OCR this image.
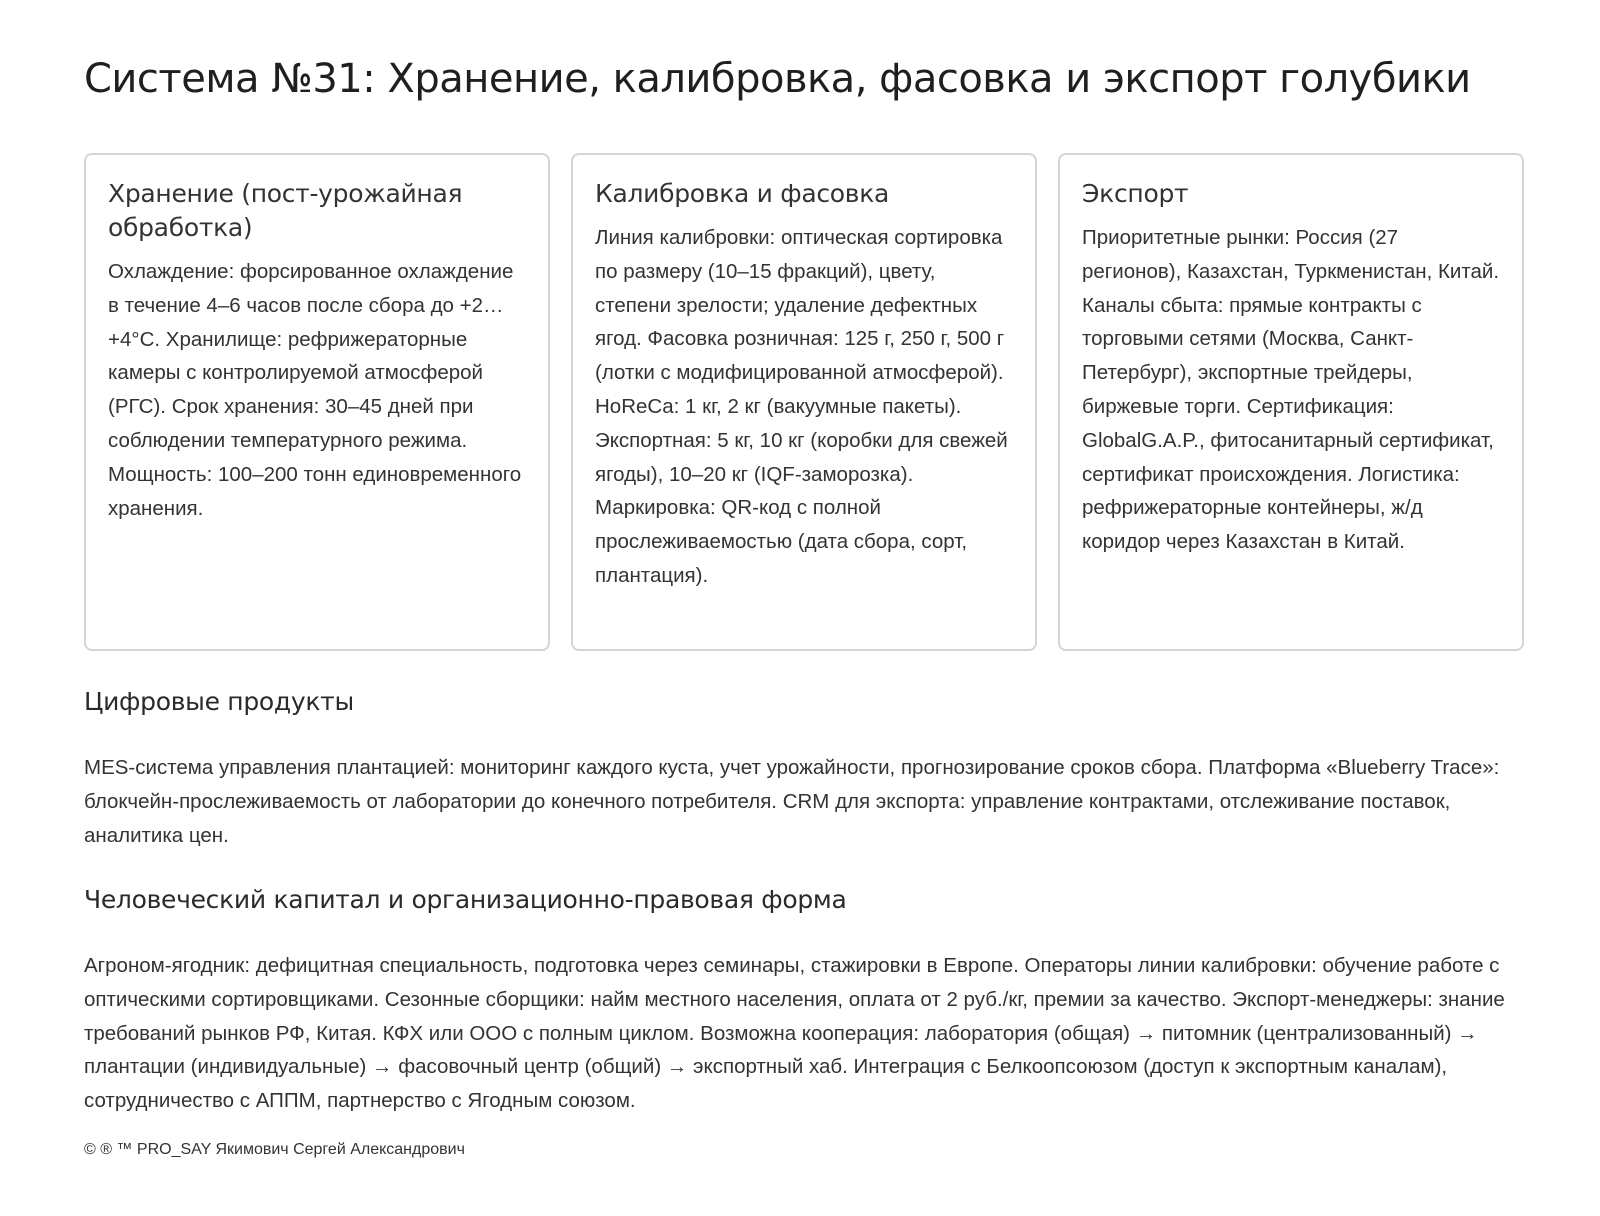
Система №31: Хранение, калибровка, фасовка и экспорт голубики
Хранение (пост-урожайная обработка)
Охлаждение: форсированное охлаждение в течение 4–6 часов после сбора до +2…+4°C. Хранилище: рефрижераторные камеры с контролируемой атмосферой (РГС). Срок хранения: 30–45 дней при соблюдении температурного режима. Мощность: 100–200 тонн единовременного хранения.
Калибровка и фасовка
Линия калибровки: оптическая сортировка по размеру (10–15 фракций), цвету, степени зрелости; удаление дефектных ягод. Фасовка розничная: 125 г, 250 г, 500 г (лотки с модифицированной атмосферой). HoReCa: 1 кг, 2 кг (вакуумные пакеты). Экспортная: 5 кг, 10 кг (коробки для свежей ягоды), 10–20 кг (IQF-заморозка). Маркировка: QR-код с полной прослеживаемостью (дата сбора, сорт, плантация).
Экспорт
Приоритетные рынки: Россия (27 регионов), Казахстан, Туркменистан, Китай. Каналы сбыта: прямые контракты с торговыми сетями (Москва, Санкт-Петербург), экспортные трейдеры, биржевые торги. Сертификация: GlobalG.A.P., фитосанитарный сертификат, сертификат происхождения. Логистика: рефрижераторные контейнеры, ж/д коридор через Казахстан в Китай.
Цифровые продукты

MES-система управления плантацией: мониторинг каждого куста, учет урожайности, прогнозирование сроков сбора. Платформа «Blueberry Trace»: блокчейн-прослеживаемость от лаборатории до конечного потребителя. CRM для экспорта: управление контрактами, отслеживание поставок, аналитика цен.

Человеческий капитал и организационно-правовая форма

Агроном-ягодник: дефицитная специальность, подготовка через семинары, стажировки в Европе. Операторы линии калибровки: обучение работе с оптическими сортировщиками. Сезонные сборщики: найм местного населения, оплата от 2 руб./кг, премии за качество. Экспорт-менеджеры: знание требований рынков РФ, Китая. КФХ или ООО с полным циклом. Возможна кооперация: лаборатория (общая) → питомник (централизованный) → плантации (индивидуальные) → фасовочный центр (общий) → экспортный хаб. Интеграция с Белкоопсоюзом (доступ к экспортным каналам), сотрудничество с АППМ, партнерство с Ягодным союзом.

© ® ™ PRO_SAY Якимович Сергей Александрович
